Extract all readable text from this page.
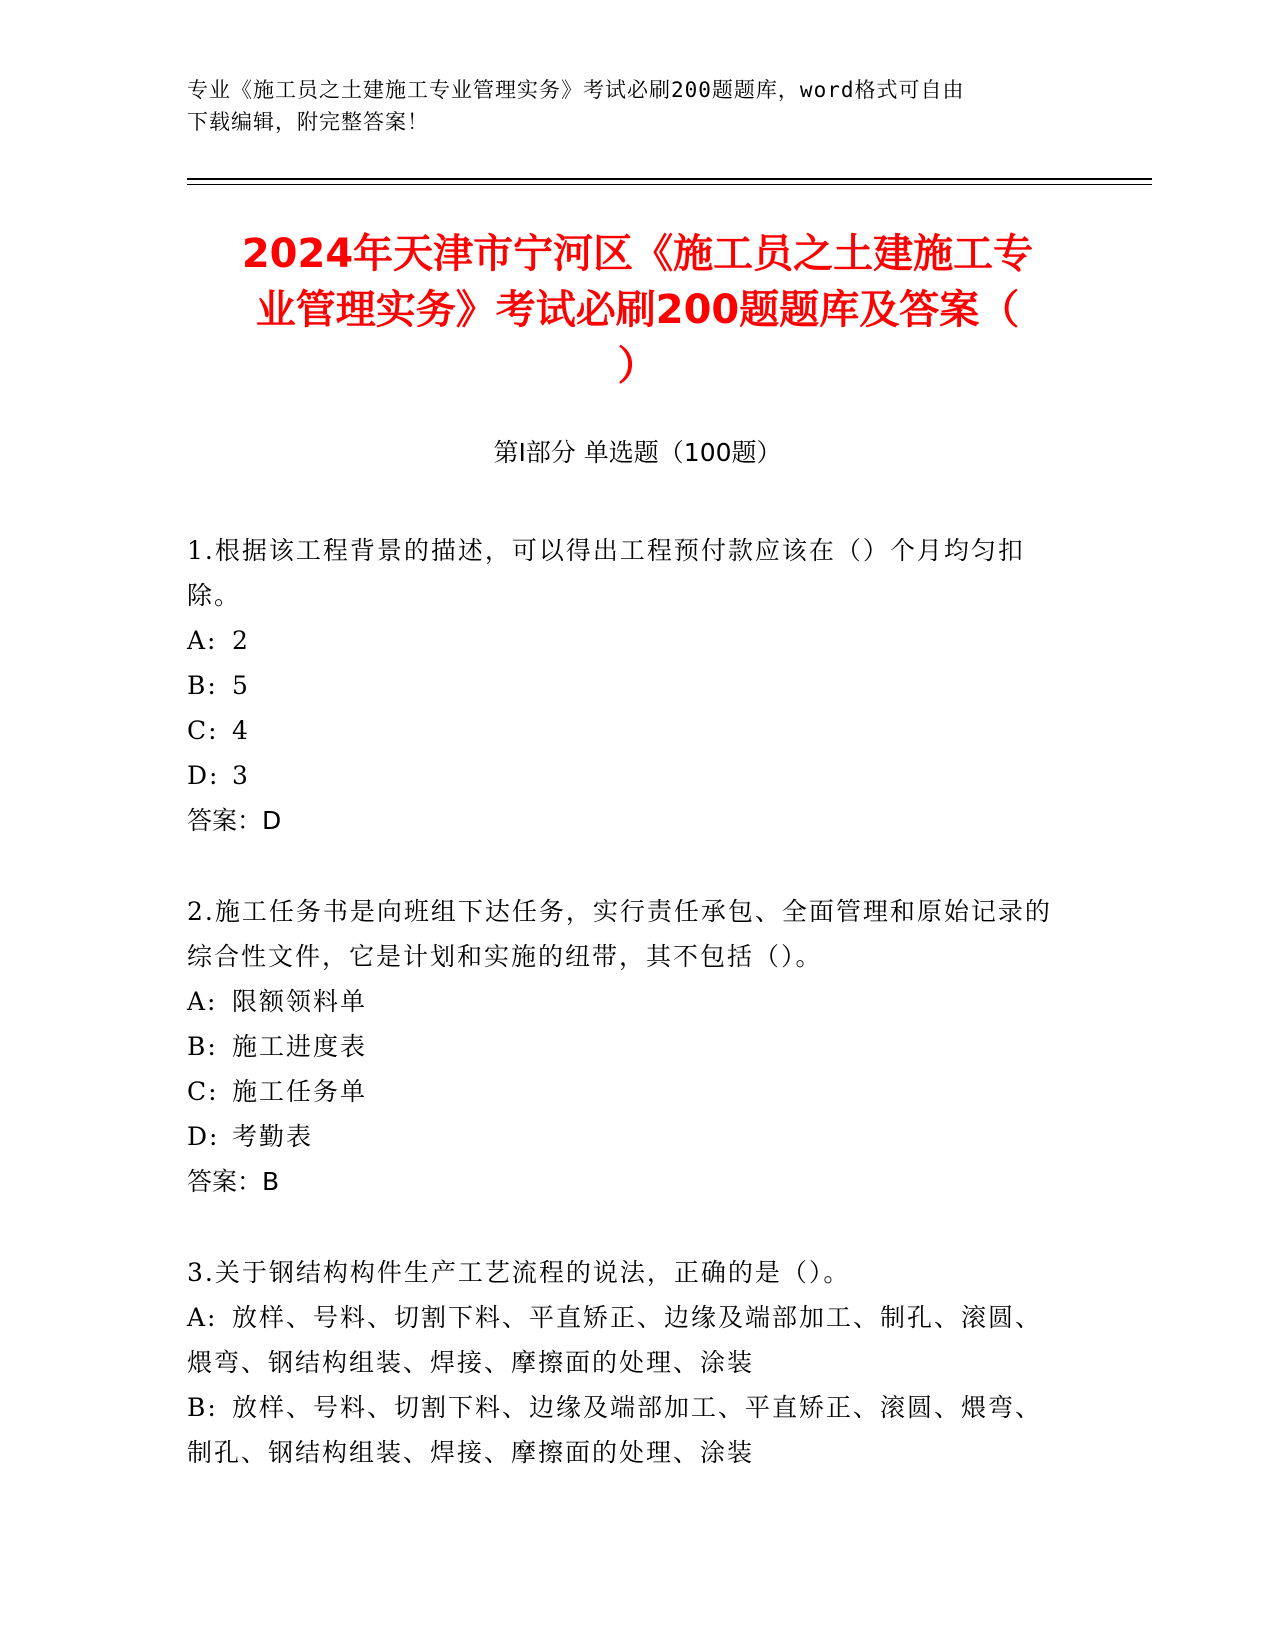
专业《施工员之土建施工专业管理实务》考试必刷200题题库，word格式可自由
下载编辑，附完整答案！
2024年天津市宁河区《施工员之土建施工专
业管理实务》考试必刷200题题库及答案（
）
第I部分 单选题（100题）

1.根据该工程背景的描述，可以得出工程预付款应该在（）个月均匀扣除。

A: 2

B: 5

C: 4

D: 3

答案：D

2.施工任务书是向班组下达任务，实行责任承包、全面管理和原始记录的综合性文件，它是计划和实施的纽带，其不包括（）。

A: 限额领料单

B: 施工进度表

C: 施工任务单

D: 考勤表

答案：B

3.关于钢结构构件生产工艺流程的说法，正确的是（）。

A: 放样、号料、切割下料、平直矫正、边缘及端部加工、制孔、滚圆、煨弯、钢结构组装、焊接、摩擦面的处理、涂装

B: 放样、号料、切割下料、边缘及端部加工、平直矫正、滚圆、煨弯、制孔、钢结构组装、焊接、摩擦面的处理、涂装
